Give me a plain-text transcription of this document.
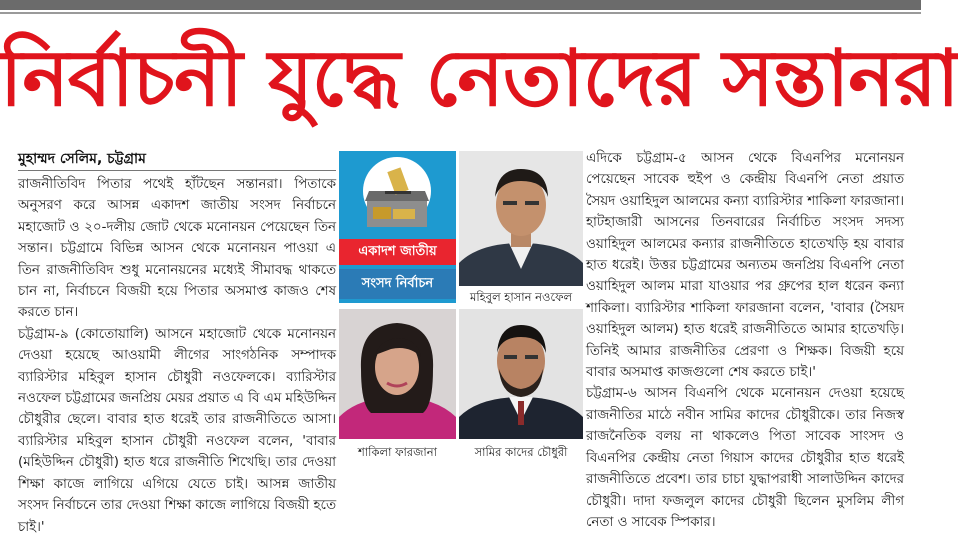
নির্বাচনী যুদ্ধে নেতাদের সন্তানরা
মুহাম্মদ সেলিম, চট্টগ্রাম

রাজনীতিবিদ পিতার পথেই হাঁটছেন সন্তানরা। পিতাকে অনুসরণ করে আসন্ন একাদশ জাতীয় সংসদ নির্বাচনে মহাজোট ও ২০-দলীয় জোট থেকে মনোনয়ন পেয়েছেন তিন সন্তান। চট্টগ্রামে বিভিন্ন আসন থেকে মনোনয়ন পাওয়া এ তিন রাজনীতিবিদ শুধু মনোনয়নের মধ্যেই সীমাবদ্ধ থাকতে চান না, নির্বাচনে বিজয়ী হয়ে পিতার অসমাপ্ত কাজও শেষ করতে চান।

চট্টগ্রাম-৯ (কোতোয়ালি) আসনে মহাজোট থেকে মনোনয়ন দেওয়া হয়েছে আওয়ামী লীগের সাংগঠনিক সম্পাদক ব্যারিস্টার মহিবুল হাসান চৌধুরী নওফেলকে। ব্যারিস্টার নওফেল চট্টগ্রামের জনপ্রিয় মেয়র প্রয়াত এ বি এম মহিউদ্দিন চৌধুরীর ছেলে। বাবার হাত ধরেই তার রাজনীতিতে আসা। ব্যারিস্টার মহিবুল হাসান চৌধুরী নওফেল বলেন, 'বাবার (মহিউদ্দিন চৌধুরী) হাত ধরে রাজনীতি শিখেছি। তার দেওয়া শিক্ষা কাজে লাগিয়ে এগিয়ে যেতে চাই। আসন্ন জাতীয় সংসদ নির্বাচনে তার দেওয়া শিক্ষা কাজে লাগিয়ে বিজয়ী হতে চাই।'

একাদশ জাতীয়
সংসদ নির্বাচন
মহিবুল হাসান নওফেল
শাকিলা ফারজানা	সামির কাদের চৌধুরী

এদিকে চট্টগ্রাম-৫ আসন থেকে বিএনপির মনোনয়ন পেয়েছেন সাবেক হুইপ ও কেন্দ্রীয় বিএনপি নেতা প্রয়াত সৈয়দ ওয়াহিদুল আলমের কন্যা ব্যারিস্টার শাকিলা ফারজানা। হাটহাজারী আসনের তিনবারের নির্বাচিত সংসদ সদস্য ওয়াহিদুল আলমের কন্যার রাজনীতিতে হাতেখড়ি হয় বাবার হাত ধরেই। উত্তর চট্টগ্রামের অন্যতম জনপ্রিয় বিএনপি নেতা ওয়াহিদুল আলম মারা যাওয়ার পর গ্রুপের হাল ধরেন কন্যা শাকিলা। ব্যারিস্টার শাকিলা ফারজানা বলেন, 'বাবার (সৈয়দ ওয়াহিদুল আলম) হাত ধরেই রাজনীতিতে আমার হাতেখড়ি। তিনিই আমার রাজনীতির প্রেরণা ও শিক্ষক। বিজয়ী হয়ে বাবার অসমাপ্ত কাজগুলো শেষ করতে চাই।'

চট্টগ্রাম-৬ আসন বিএনপি থেকে মনোনয়ন দেওয়া হয়েছে রাজনীতির মাঠে নবীন সামির কাদের চৌধুরীকে। তার নিজস্ব রাজনৈতিক বলয় না থাকলেও পিতা সাবেক সাংসদ ও বিএনপির কেন্দ্রীয় নেতা গিয়াস কাদের চৌধুরীর হাত ধরেই রাজনীতিতে প্রবেশ। তার চাচা যুদ্ধাপরাধী সালাউদ্দিন কাদের চৌধুরী। দাদা ফজলুল কাদের চৌধুরী ছিলেন মুসলিম লীগ নেতা ও সাবেক স্পিকার।
